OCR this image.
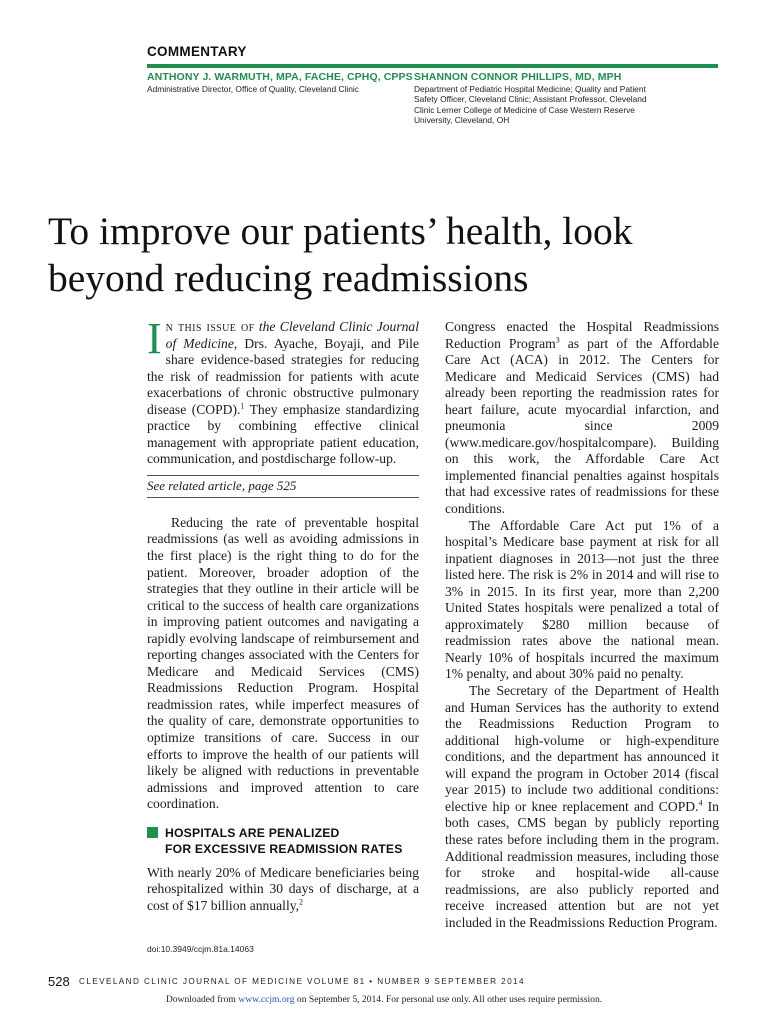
COMMENTARY
ANTHONY J. WARMUTH, MPA, FACHE, CPHQ, CPPS
Administrative Director, Office of Quality, Cleveland Clinic
SHANNON CONNOR PHILLIPS, MD, MPH
Department of Pediatric Hospital Medicine; Quality and Patient Safety Officer, Cleveland Clinic; Assistant Professor, Cleveland Clinic Lerner College of Medicine of Case Western Reserve University, Cleveland, OH
To improve our patients’ health, look beyond reducing readmissions

In this issue of the Cleveland Clinic Journal of Medicine, Drs. Ayache, Boyaji, and Pile share evidence-based strategies for reducing the risk of readmission for patients with acute exacerbations of chronic obstructive pulmonary disease (COPD).$^1$ They emphasize standardizing practice by combining effective clinical management with appropriate patient education, communication, and postdischarge follow-up.

See related article, page 525

Reducing the rate of preventable hospital readmissions (as well as avoiding admissions in the first place) is the right thing to do for the patient. Moreover, broader adoption of the strategies that they outline in their article will be critical to the success of health care organizations in improving patient outcomes and navigating a rapidly evolving landscape of reimbursement and reporting changes associated with the Centers for Medicare and Medicaid Services (CMS) Readmissions Reduction Program. Hospital readmission rates, while imperfect measures of the quality of care, demonstrate opportunities to optimize transitions of care. Success in our efforts to improve the health of our patients will likely be aligned with reductions in preventable admissions and improved attention to care coordination.

HOSPITALS ARE PENALIZED
FOR EXCESSIVE READMISSION RATES

With nearly 20% of Medicare beneficiaries being rehospitalized within 30 days of discharge, at a cost of $17 billion annually,$^2$

Congress enacted the Hospital Readmissions Reduction Program$^3$ as part of the Affordable Care Act (ACA) in 2012. The Centers for Medicare and Medicaid Services (CMS) had already been reporting the readmission rates for heart failure, acute myocardial infarction, and pneumonia since 2009 (www.medicare.gov/hospitalcompare). Building on this work, the Affordable Care Act implemented financial penalties against hospitals that had excessive rates of readmissions for these conditions.

The Affordable Care Act put 1% of a hospital’s Medicare base payment at risk for all inpatient diagnoses in 2013—not just the three listed here. The risk is 2% in 2014 and will rise to 3% in 2015. In its first year, more than 2,200 United States hospitals were penalized a total of approximately $280 million because of readmission rates above the national mean. Nearly 10% of hospitals incurred the maximum 1% penalty, and about 30% paid no penalty.

The Secretary of the Department of Health and Human Services has the authority to extend the Readmissions Reduction Program to additional high-volume or high-expenditure conditions, and the department has announced it will expand the program in October 2014 (fiscal year 2015) to include two additional conditions: elective hip or knee replacement and COPD.$^4$ In both cases, CMS began by publicly reporting these rates before including them in the program. Additional readmission measures, including those for stroke and hospital-wide all-cause readmissions, are also publicly reported and receive increased attention but are not yet included in the Readmissions Reduction Program.

doi:10.3949/ccjm.81a.14063
528 CLEVELAND CLINIC JOURNAL OF MEDICINE VOLUME 81 • NUMBER 9 SEPTEMBER 2014
Downloaded from www.ccjm.org on September 5, 2014. For personal use only. All other uses require permission.
